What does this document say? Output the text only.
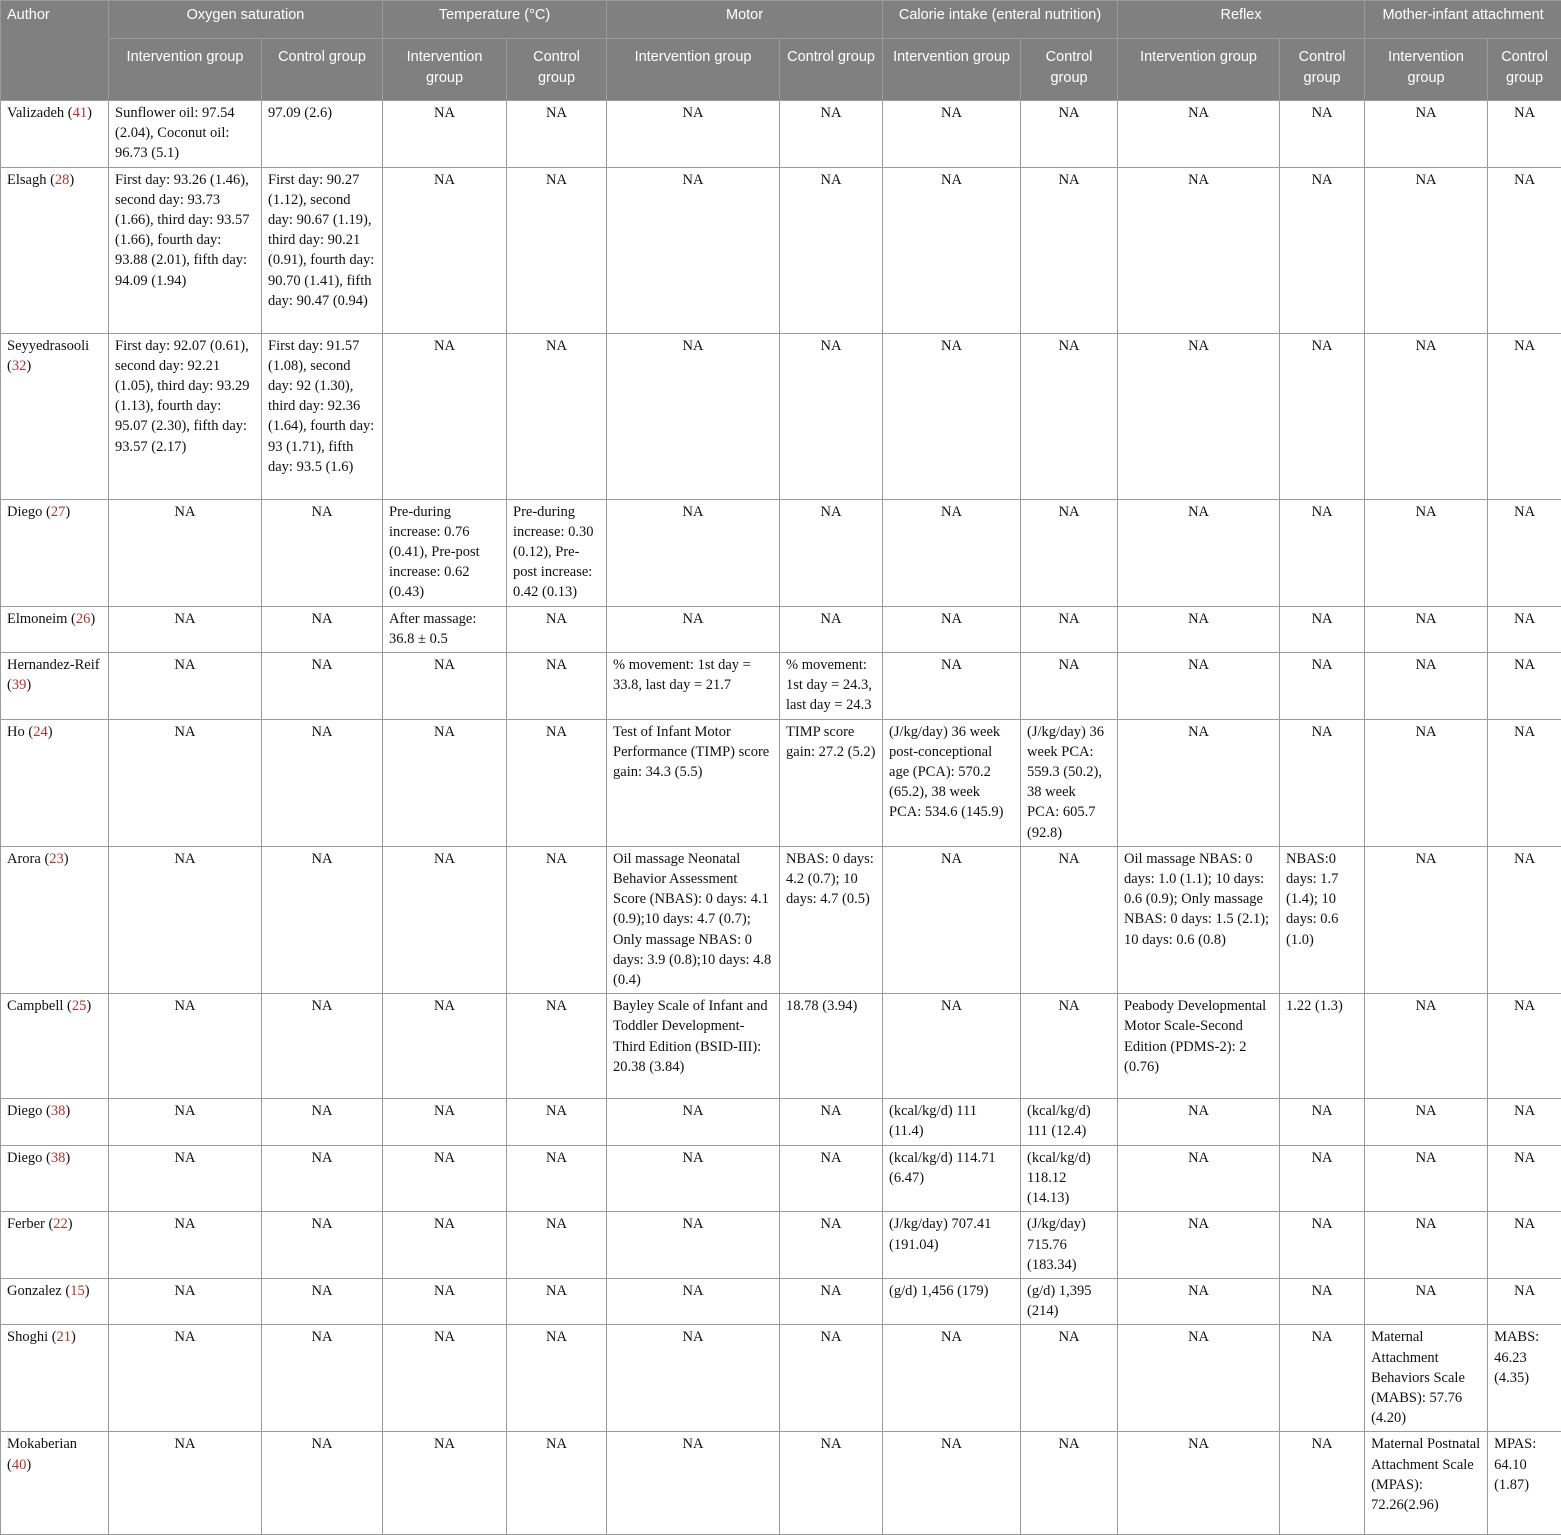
Author	Oxygen saturation		Temperature (°C)		Motor		Calorie intake (enteral nutrition)		Reflex		Mother-infant attachment	
	Intervention group	Control group	Intervention group	Control group	Intervention group	Control group	Intervention group	Control group	Intervention group	Control group	Intervention group	Control group
Valizadeh (41)	Sunflower oil: 97.54 (2.04), Coconut oil: 96.73 (5.1)	97.09 (2.6)	NA	NA	NA	NA	NA	NA	NA	NA	NA	NA
Elsagh (28)	First day: 93.26 (1.46), second day: 93.73 (1.66), third day: 93.57 (1.66), fourth day: 93.88 (2.01), fifth day: 94.09 (1.94)	First day: 90.27 (1.12), second day: 90.67 (1.19), third day: 90.21 (0.91), fourth day: 90.70 (1.41), fifth day: 90.47 (0.94)	NA	NA	NA	NA	NA	NA	NA	NA	NA	NA
Seyyedrasooli (32)	First day: 92.07 (0.61), second day: 92.21 (1.05), third day: 93.29 (1.13), fourth day: 95.07 (2.30), fifth day: 93.57 (2.17)	First day: 91.57 (1.08), second day: 92 (1.30), third day: 92.36 (1.64), fourth day: 93 (1.71), fifth day: 93.5 (1.6)	NA	NA	NA	NA	NA	NA	NA	NA	NA	NA
Diego (27)	NA	NA	Pre-during increase: 0.76 (0.41), Pre-post increase: 0.62 (0.43)	Pre-during increase: 0.30 (0.12), Pre-post increase: 0.42 (0.13)	NA	NA	NA	NA	NA	NA	NA	NA
Elmoneim (26)	NA	NA	After massage: 36.8 ± 0.5	NA	NA	NA	NA	NA	NA	NA	NA	NA
Hernandez-Reif (39)	NA	NA	NA	NA	% movement: 1st day = 33.8, last day = 21.7	% movement: 1st day = 24.3, last day = 24.3	NA	NA	NA	NA	NA	NA
Ho (24)	NA	NA	NA	NA	Test of Infant Motor Performance (TIMP) score gain: 34.3 (5.5)	TIMP score gain: 27.2 (5.2)	(J/kg/day) 36 week post-conceptional age (PCA): 570.2 (65.2), 38 week PCA: 534.6 (145.9)	(J/kg/day) 36 week PCA: 559.3 (50.2), 38 week PCA: 605.7 (92.8)	NA	NA	NA	NA
Arora (23)	NA	NA	NA	NA	Oil massage Neonatal Behavior Assessment Score (NBAS): 0 days: 4.1 (0.9);10 days: 4.7 (0.7); Only massage NBAS: 0 days: 3.9 (0.8);10 days: 4.8 (0.4)	NBAS: 0 days: 4.2 (0.7); 10 days: 4.7 (0.5)	NA	NA	Oil massage NBAS: 0 days: 1.0 (1.1); 10 days: 0.6 (0.9); Only massage NBAS: 0 days: 1.5 (2.1); 10 days: 0.6 (0.8)	NBAS:0 days: 1.7 (1.4); 10 days: 0.6 (1.0)	NA	NA
Campbell (25)	NA	NA	NA	NA	Bayley Scale of Infant and Toddler Development-Third Edition (BSID-III): 20.38 (3.84)	18.78 (3.94)	NA	NA	Peabody Developmental Motor Scale-Second Edition (PDMS-2): 2 (0.76)	1.22 (1.3)	NA	NA
Diego (38)	NA	NA	NA	NA	NA	NA	(kcal/kg/d) 111 (11.4)	(kcal/kg/d) 111 (12.4)	NA	NA	NA	NA
Diego (38)	NA	NA	NA	NA	NA	NA	(kcal/kg/d) 114.71 (6.47)	(kcal/kg/d) 118.12 (14.13)	NA	NA	NA	NA
Ferber (22)	NA	NA	NA	NA	NA	NA	(J/kg/day) 707.41 (191.04)	(J/kg/day) 715.76 (183.34)	NA	NA	NA	NA
Gonzalez (15)	NA	NA	NA	NA	NA	NA	(g/d) 1,456 (179)	(g/d) 1,395 (214)	NA	NA	NA	NA
Shoghi (21)	NA	NA	NA	NA	NA	NA	NA	NA	NA	NA	Maternal Attachment Behaviors Scale (MABS): 57.76 (4.20)	MABS: 46.23 (4.35)
Mokaberian (40)	NA	NA	NA	NA	NA	NA	NA	NA	NA	NA	Maternal Postnatal Attachment Scale (MPAS): 72.26(2.96)	MPAS: 64.10 (1.87)
